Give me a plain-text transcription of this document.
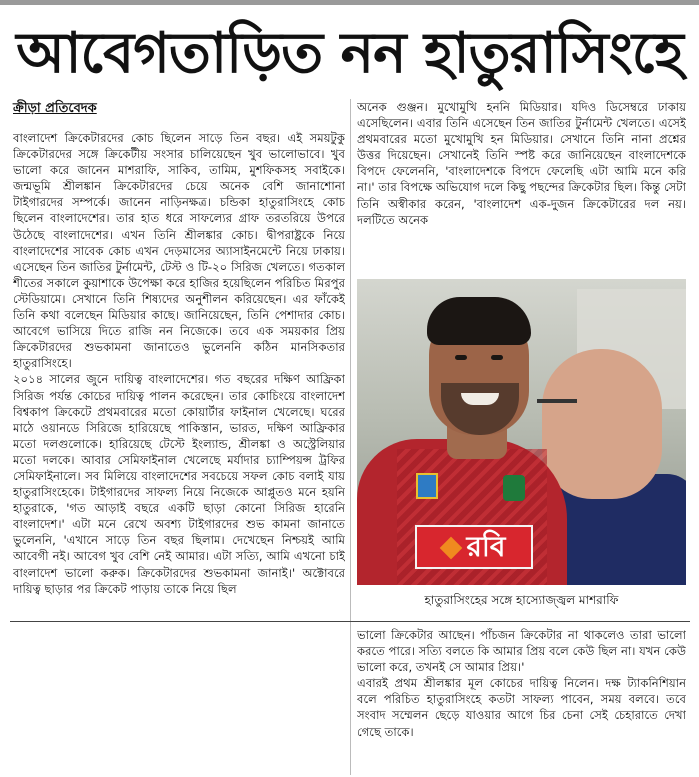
আবেগতাড়িত নন হাতুরাসিংহে
ক্রীড়া প্রতিবেদক

বাংলাদেশ ক্রিকেটারদের কোচ ছিলেন সাড়ে তিন বছর। এই সময়টুকু ক্রিকেটারদের সঙ্গে ক্রিকেটীয় সংসার চালিয়েছেন খুব ভালোভাবে। খুব ভালো করে জানেন মাশরাফি, সাকিব, তামিম, মুশফিকসহ সবাইকে। জন্মভূমি শ্রীলঙ্কান ক্রিকেটারদের চেয়ে অনেক বেশি জানাশোনা টাইগারদের সম্পর্কে। জানেন নাড়িনক্ষত্র। চন্ডিকা হাতুরাসিংহে কোচ ছিলেন বাংলাদেশের। তার হাত ধরে সাফল্যের গ্রাফ তরতরিয়ে উপরে উঠেছে বাংলাদেশের। এখন তিনি শ্রীলঙ্কার কোচ। দ্বীপরাষ্ট্রকে নিয়ে বাংলাদেশের সাবেক কোচ এখন দেড়মাসের অ্যাসাইনমেন্টে নিয়ে ঢাকায়। এসেছেন তিন জাতির টুর্নামেন্ট, টেস্ট ও টি-২০ সিরিজ খেলতে। গতকাল শীতের সকালে কুয়াশাকে উপেক্ষা করে হাজির হয়েছিলেন পরিচিত মিরপুর স্টেডিয়ামে। সেখানে তিনি শিষ্যদের অনুশীলন করিয়েছেন। এর ফাঁকেই তিনি কথা বলেছেন মিডিয়ার কাছে। জানিয়েছেন, তিনি পেশাদার কোচ। আবেগে ভাসিয়ে দিতে রাজি নন নিজেকে। তবে এক সময়কার প্রিয় ক্রিকেটারদের শুভকামনা জানাতেও ভুলেননি কঠিন মানসিকতার হাতুরাসিংহে।

২০১৪ সালের জুনে দায়িত্ব বাংলাদেশের। গত বছরের দক্ষিণ আফ্রিকা সিরিজ পর্যন্ত কোচের দায়িত্ব পালন করেছেন। তার কোচিংয়ে বাংলাদেশ বিশ্বকাপ ক্রিকেটে প্রথমবারের মতো কোয়ার্টার ফাইনাল খেলেছে। ঘরের মাঠে ওয়ানডে সিরিজে হারিয়েছে পাকিস্তান, ভারত, দক্ষিণ আফ্রিকার মতো দলগুলোকে। হারিয়েছে টেস্টে ইংল্যান্ড, শ্রীলঙ্কা ও অস্ট্রেলিয়ার মতো দলকে। আবার সেমিফাইনাল খেলেছে মর্যাদার চ্যাম্পিয়ন্স ট্রফির সেমিফাইনালে। সব মিলিয়ে বাংলাদেশের সবচেয়ে সফল কোচ বলাই যায় হাতুরাসিংহেকে। টাইগারদের সাফল্য নিয়ে নিজেকে আপ্লুতও মনে হয়নি হাতুরাকে, 'গত আড়াই বছরে একটি ছাড়া কোনো সিরিজ হারেনি বাংলাদেশ।' এটা মনে রেখে অবশ্য টাইগারদের শুভ কামনা জানাতে ভুলেননি, 'এখানে সাড়ে তিন বছর ছিলাম। দেখেছেন নিশ্চয়ই আমি আবেগী নই। আবেগ খুব বেশি নেই আমার। এটা সত্যি, আমি এখনো চাই বাংলাদেশ ভালো করুক। ক্রিকেটারদের শুভকামনা জানাই।' অক্টোবরে দায়িত্ব ছাড়ার পর ক্রিকেট পাড়ায় তাকে নিয়ে ছিল

অনেক গুঞ্জন। মুখোমুখি হননি মিডিয়ার। যদিও ডিসেম্বরে ঢাকায় এসেছিলেন। এবার তিনি এসেছেন তিন জাতির টুর্নামেন্ট খেলতে। এসেই প্রথমবারের মতো মুখোমুখি হন মিডিয়ার। সেখানে তিনি নানা প্রশ্নের উত্তর দিয়েছেন। সেখানেই তিনি স্পষ্ট করে জানিয়েছেন বাংলাদেশকে বিপদে ফেলেননি, 'বাংলাদেশকে বিপদে ফেলেছি এটা আমি মনে করি না।' তার বিপক্ষে অভিযোগ দলে কিছু পছন্দের ক্রিকেটার ছিল। কিন্তু সেটা তিনি অস্বীকার করেন, 'বাংলাদেশ এক-দুজন ক্রিকেটারের দল নয়। দলটিতে অনেক

রবি
হাতুরাসিংহের সঙ্গে হাস্যোজ্জ্বল মাশরাফি

ভালো ক্রিকেটার আছেন। পাঁচজন ক্রিকেটার না থাকলেও তারা ভালো করতে পারে। সত্যি বলতে কি আমার প্রিয় বলে কেউ ছিল না। যখন কেউ ভালো করে, তখনই সে আমার প্রিয়।'

এবারই প্রথম শ্রীলঙ্কার মূল কোচের দায়িত্ব নিলেন। দক্ষ ট্যাকনিশিয়ান বলে পরিচিত হাতুরাসিংহে কতটা সাফল্য পাবেন, সময় বলবে। তবে সংবাদ সম্মেলন ছেড়ে যাওয়ার আগে চির চেনা সেই চেহারাতে দেখা গেছে তাকে।
